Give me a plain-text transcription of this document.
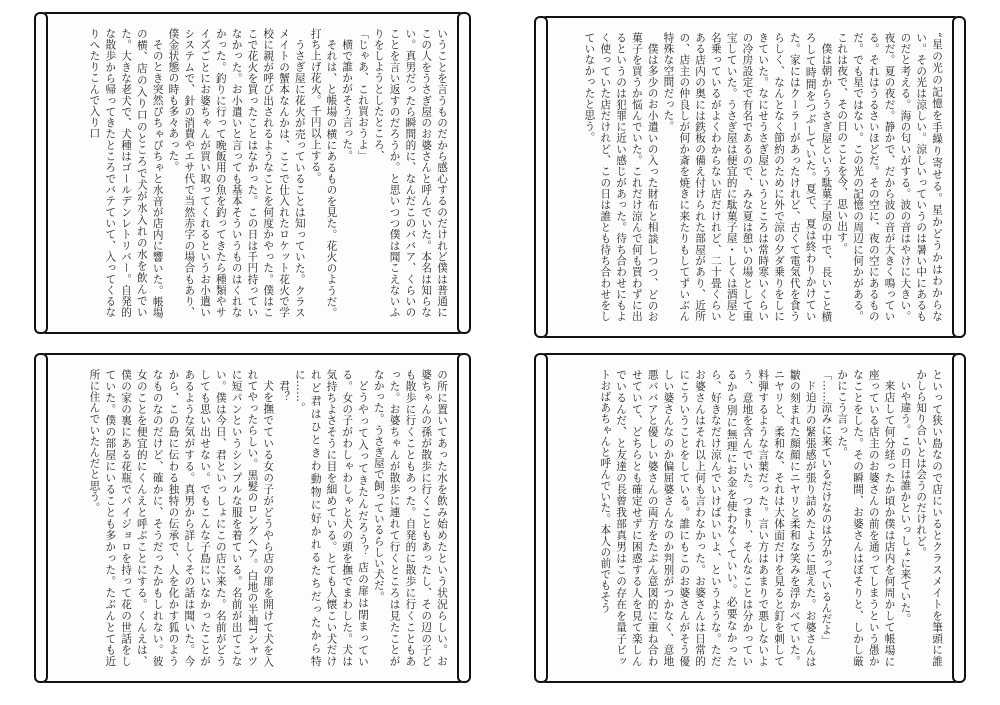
“星の光の記憶を手繰り寄せる。星かどうかはわからない。その光は涼しい。涼しいっていうのは暑い中にあるものだと考える。海の匂いがする。波の音はやけに大きい。夜だ。夏の夜だ。静かで、だから波の音が大きく鳴っている。それはうるさいほどだ。その空に、夜の空にあるものだ。でも星ではない。この光の記憶の周辺に何かがある。これは夜で、その日のことを今、思い出す。

僕は朝からうさぎ屋という駄菓子屋の中で、長いこと横ろして時間をつぶしていた。夏で、夏は終わりかけていた。家にはクーラーがあったけれど、古くて電気代を食うらしく、なんとなく節約のために外で涼の夕ダ乗りをしにきていた。なにせうさぎ屋というところは常時寒いくらいの冷房設定で有名であるので、みな夏は憩いの場として重宝していた。うさぎ屋は便宜的に駄菓子屋・しくは酒屋と名乗っているがよくわからない店だけれど、二十畳くらいある店内の奥には鉄板の備え付けられた部屋があり、近所の、店主の仲良しが何か斎を焼きに来たりもしてずいぶん特殊な空間だった。

僕は多少のお小遣いの入った財布と相談しつつ、どのお菓子を買うか悩んでいた。これだけ涼んで何も買わずに出るというのは犯罪に近い感じがあった。待ち合わせにもよく使っていた店だけれど、この日は誰とも待ち合わせをしていなかったと思う。

いうことを言うものだから感心するのだけれど僕は普通にこの人をうさぎ屋のお婆さんと呼んでいた。本名は知らない。真男だったら瞬間的に、なんだこのババア、くらいのことを言い返すのだろうか。と思いつつ僕は聞こえないふりをしようとしたところ、

「じゃあ、これ買おうよ」

横で誰かがそう言った。

それは、と帳場の横にあるものを見た。花火のようだ。打ち上げ花火。千円以上する。

うさぎ屋に花火が売っていることは知っていた。クラスメイトの蟹本なんかは、ここで仕入れたロケット花火で学校に親が呼び出されるようなことを何度かやった。僕はここで花火を買ったことはなかった。この日は千円持っていなかった。お小遣いと言っても基本そういうものはくれなかった。釣りに行って晩飯用の魚を釣ってきたら種類やサイズごとにお婆ちゃんが買い取ってくれるというお小遣いシステムで、針の消費やエサ代で当然赤字の場合もあり、僕金状態の時も多々あった。

そのとき突然ぴちゃぴちゃと水音が店内に響いた。帳場の横、店の入り口のところで犬が水入れの水を飲んでいた。大きな老犬で、犬種はゴールデンレトリバー。自発的な散歩から帰ってきたところでバテていて、入ってくるなりへたりこんで入り口

といって狭い島なので店にいるとクラスメイトを筆頭に誰かしら知り合いとは会うのだけれど。

いや違う。この日は誰かといっしょに来ていた。

来店して何分経ったか頃か僕は店内を何周かして帳場に座っている店主のお婆さんの前を通ってしまうという愚かなことをした。その瞬間、お婆さんはぼそりと、しかし厳かにこう言った。

「……涼みに来ているだけなのは分かっているんだよ」

ド迫力の緊張感が張り詰めたように思えた。お婆さんは皺の刻まれた顔顔にニヤリと柔和な笑みを浮かべていた。ニヤリと、柔和な、それは大体面だけを見ると釘を刺して料弾するような言葉だった。言い方はあまりで悪しないよう、意地を含んでいた。つまり、そんなことは分かっているから別に無理にお金を使わなくていい。必要なかったら、好きなだけ涼んでいけばいいよ、というような。ただお婆さんはそれ以上何も言わなかった。お婆さんは日常的にこういうことをしている。誰にもこのお婆さんがそう優しい婆さんなのか偏屈婆さんなのか判別がつかなく、意地悪ババアと優しい婆さんの両方をたぶん意図的に重ね合わせていて、どちらとも確定せずに困惑する人を見て楽しんでいるんだ、と友達の長曾我部真男はこの存在を量子ビットおばあちゃんと呼んでいた。本人の前でもそう

の所に置いてあった水を飲み始めたという状況らしい。お婆ちゃんの孫が散歩に行くこともあったし、その辺の子ども散歩に行くこともあった。自発的に散歩に行くこともあった。お婆ちゃんが散歩に連れて行くところは見たことがなかった。うさぎ屋で飼っているらしい犬だ。

どうやって入ってきたんだろう？ 店の扉は閉まっている。女の子がわしゃわしゃと犬の頭を撫でまわした。犬は気持ちよさそうに目を細めている。とても人懐こい犬だけれど君はひときわ動物に好かれるたちだったから特に……。

君？

犬を撫でている女の子がどうやら店の扉を開けて犬を入れてやったらしい。黒髪のロングヘア。白地の半袖Tシャツに短パンというシンプルな服を着ている。名前が出てこない。僕は今日、君といっしょにこの店に来た。名前がどうしても思い出せない。でもこんな子島にいなかったことがあるような気がする。真男から詳しくその話は聞いた。今から、この島に伝わる独特の伝承で、人を化かす狐のようなものなのだけど、確かに、そうだったかもしれない。彼女のことを便宜的にくんえと呼ぶことにする。くんえは、僕の家の裏にある花瓶でパイジョロを持って花の世話をしていた。僕の部屋にいることも多かった。たぶんとても近所に住んでいたんだと思う。
